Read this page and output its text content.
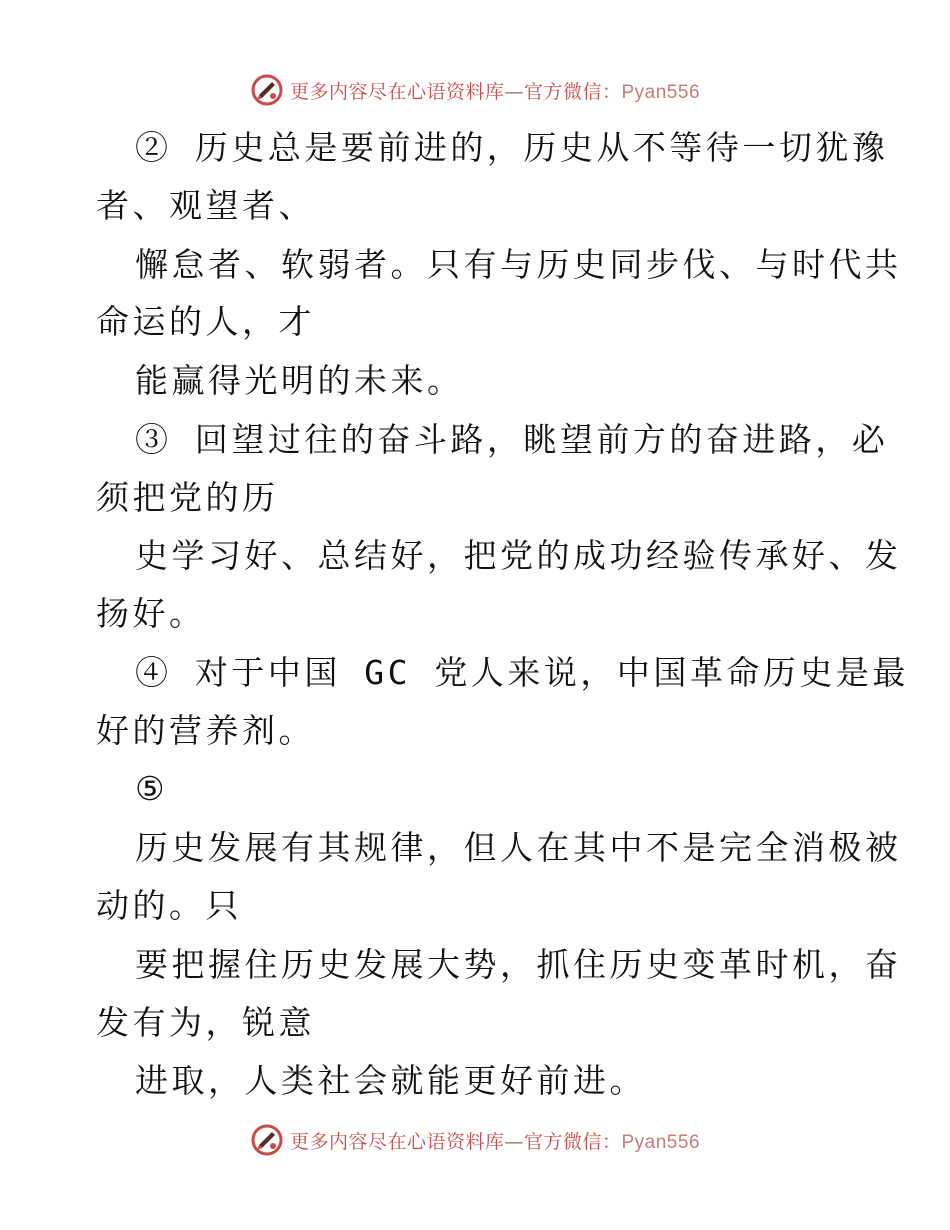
更多内容尽在心语资料库—官方微信：Pyan556
② 历史总是要前进的，历史从不等待一切犹豫
者、观望者、
懈怠者、软弱者。只有与历史同步伐、与时代共
命运的人，才
能赢得光明的未来。
③ 回望过往的奋斗路，眺望前方的奋进路，必
须把党的历
史学习好、总结好，把党的成功经验传承好、发
扬好。
④ 对于中国 GC 党人来说，中国革命历史是最
好的营养剂。
⑤
历史发展有其规律，但人在其中不是完全消极被
动的。只
要把握住历史发展大势，抓住历史变革时机，奋
发有为，锐意
进取，人类社会就能更好前进。
更多内容尽在心语资料库—官方微信：Pyan556
